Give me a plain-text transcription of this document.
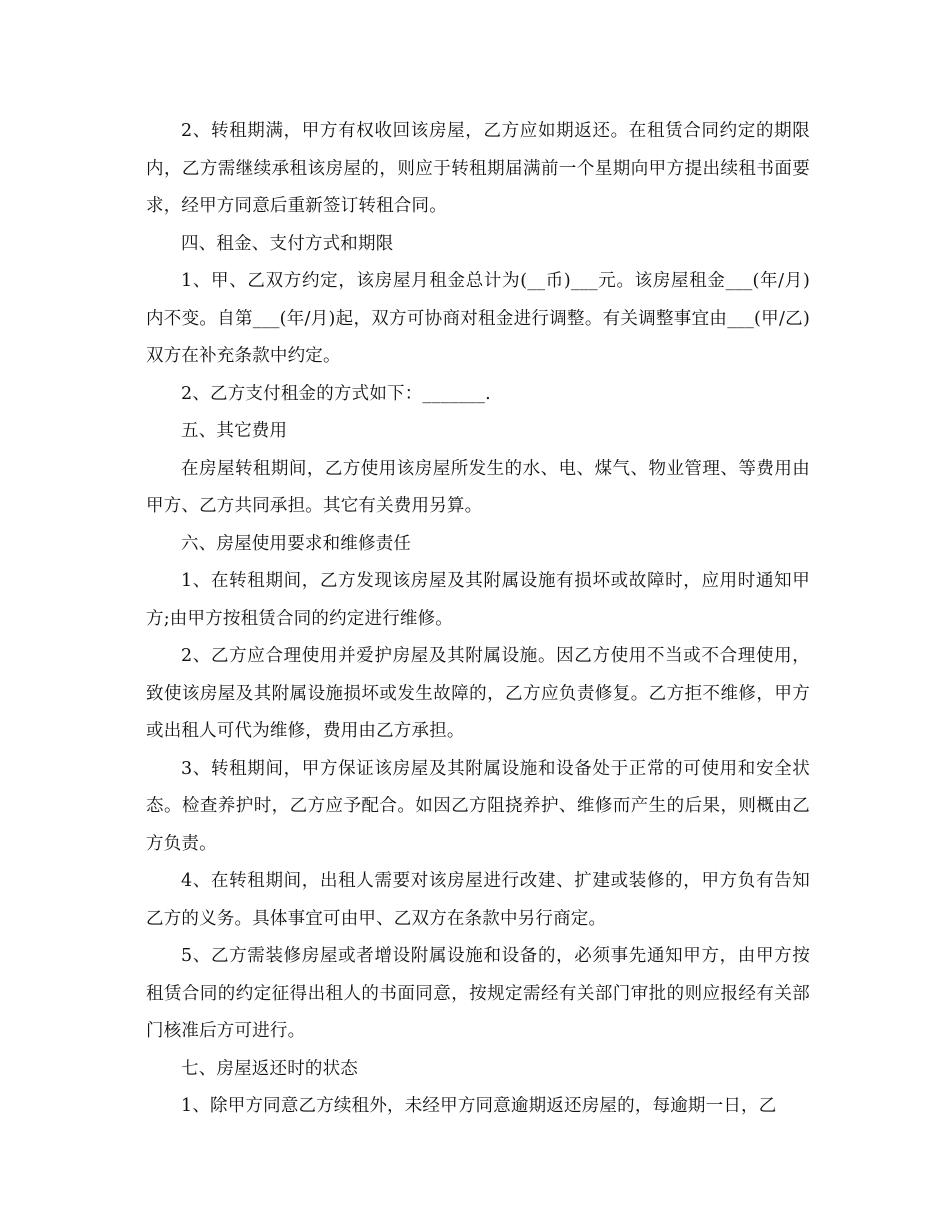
2、转租期满，甲方有权收回该房屋，乙方应如期返还。在租赁合同约定的期限内，乙方需继续承租该房屋的，则应于转租期届满前一个星期向甲方提出续租书面要求，经甲方同意后重新签订转租合同。

四、租金、支付方式和期限

1、甲、乙双方约定，该房屋月租金总计为(__币)___元。该房屋租金___(年/月)内不变。自第___(年/月)起，双方可协商对租金进行调整。有关调整事宜由___(甲/乙)双方在补充条款中约定。

2、乙方支付租金的方式如下：_______.

五、其它费用

在房屋转租期间，乙方使用该房屋所发生的水、电、煤气、物业管理、等费用由甲方、乙方共同承担。其它有关费用另算。

六、房屋使用要求和维修责任

1、在转租期间，乙方发现该房屋及其附属设施有损坏或故障时，应用时通知甲方;由甲方按租赁合同的约定进行维修。

2、乙方应合理使用并爱护房屋及其附属设施。因乙方使用不当或不合理使用，致使该房屋及其附属设施损坏或发生故障的，乙方应负责修复。乙方拒不维修，甲方或出租人可代为维修，费用由乙方承担。

3、转租期间，甲方保证该房屋及其附属设施和设备处于正常的可使用和安全状态。检查养护时，乙方应予配合。如因乙方阻挠养护、维修而产生的后果，则概由乙方负责。

4、在转租期间，出租人需要对该房屋进行改建、扩建或装修的，甲方负有告知乙方的义务。具体事宜可由甲、乙双方在条款中另行商定。

5、乙方需装修房屋或者增设附属设施和设备的，必须事先通知甲方，由甲方按租赁合同的约定征得出租人的书面同意，按规定需经有关部门审批的则应报经有关部门核准后方可进行。

七、房屋返还时的状态

1、除甲方同意乙方续租外，未经甲方同意逾期返还房屋的，每逾期一日，乙
